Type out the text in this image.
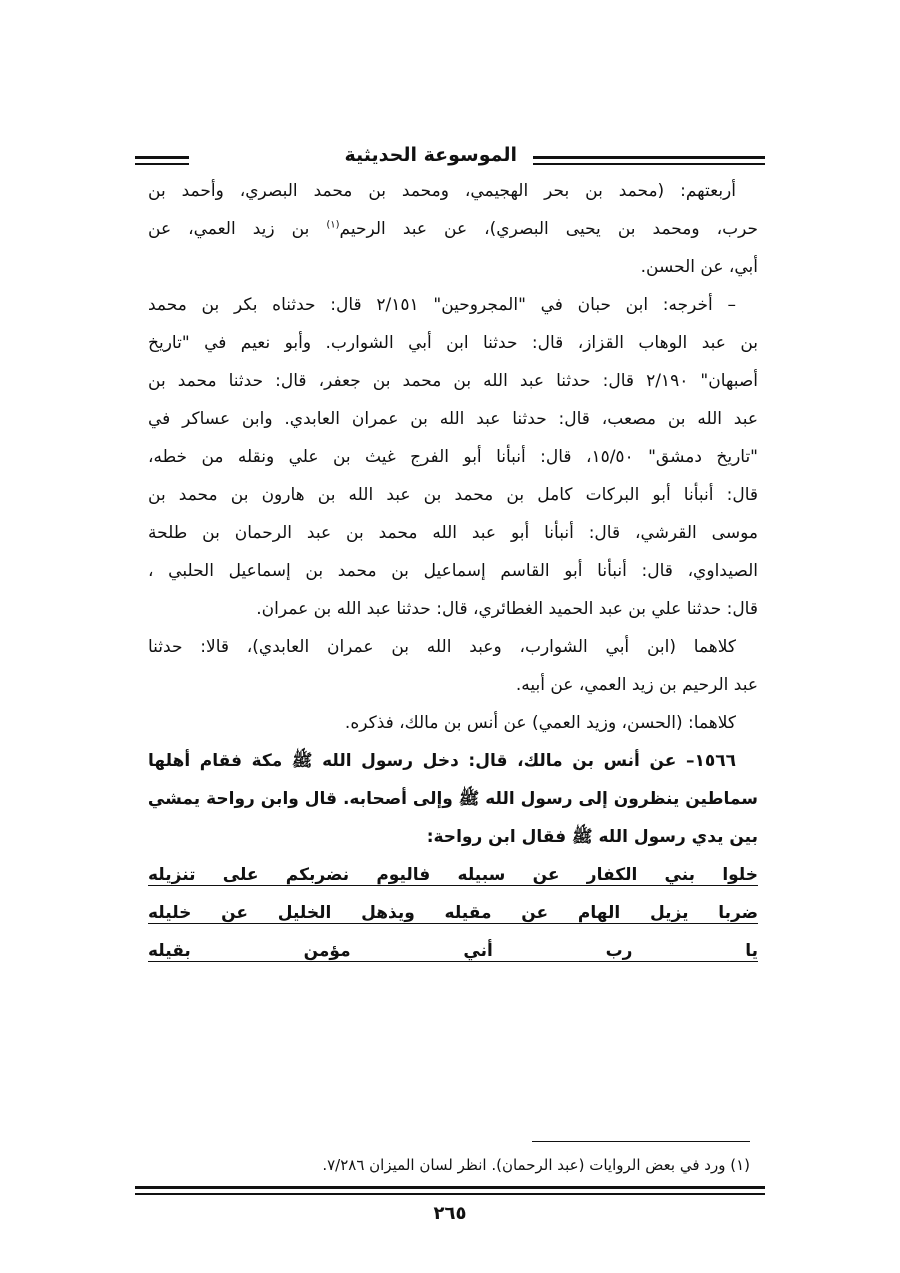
الموسوعة الحديثية
أربعتهم: (محمد بن بحر الهجيمي، ومحمد بن محمد البصري، وأحمد بن
حرب، ومحمد بن يحيى البصري)، عن عبد الرحيم$^{(١)}$ بن زيد العمي، عن
أبي، عن الحسن.
– أخرجه: ابن حبان في "المجروحين" ٢/١٥١ قال: حدثناه بكر بن محمد
بن عبد الوهاب القزاز، قال: حدثنا ابن أبي الشوارب. وأبو نعيم في "تاريخ
أصبهان" ٢/١٩٠ قال: حدثنا عبد الله بن محمد بن جعفر، قال: حدثنا محمد بن
عبد الله بن مصعب، قال: حدثنا عبد الله بن عمران العابدي. وابن عساكر في
"تاريخ دمشق" ١٥/٥٠، قال: أنبأنا أبو الفرج غيث بن علي ونقله من خطه،
قال: أنبأنا أبو البركات كامل بن محمد بن عبد الله بن هارون بن محمد بن
موسى القرشي، قال: أنبأنا أبو عبد الله محمد بن عبد الرحمان بن طلحة
الصيداوي، قال: أنبأنا أبو القاسم إسماعيل بن محمد بن إسماعيل الحلبي ،
قال: حدثنا علي بن عبد الحميد الغطائري، قال: حدثنا عبد الله بن عمران.
كلاهما (ابن أبي الشوارب، وعبد الله بن عمران العابدي)، قالا: حدثنا
عبد الرحيم بن زيد العمي، عن أبيه.
كلاهما: (الحسن، وزيد العمي) عن أنس بن مالك، فذكره.
١٥٦٦– عن أنس بن مالك، قال: دخل رسول الله ﷺ مكة فقام أهلها
سماطين ينظرون إلى رسول الله ﷺ وإلى أصحابه. قال وابن رواحة يمشي
بين يدي رسول الله ﷺ فقال ابن رواحة:
خلوا بني الكفار عن سبيله فاليوم نضربكم على تنزيله
ضربا يزيل الهام عن مقيله ويذهل الخليل عن خليله
يا رب أني مؤمن بقيله
(١) ورد في بعض الروايات (عبد الرحمان). انظر لسان الميزان ٧/٢٨٦.
٢٦٥
